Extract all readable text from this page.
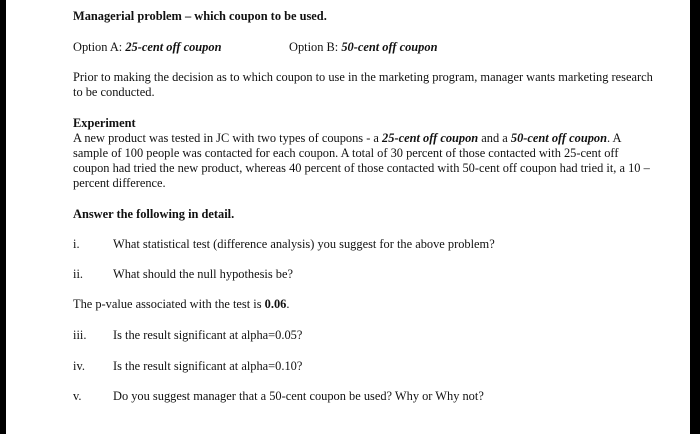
Managerial problem – which coupon to be used.
Option A: 25-cent off coupon	Option B: 50-cent off coupon
Prior to making the decision as to which coupon to use in the marketing program, manager wants marketing research to be conducted.
Experiment
A new product was tested in JC with two types of coupons - a 25-cent off coupon and a 50-cent off coupon. A sample of 100 people was contacted for each coupon. A total of 30 percent of those contacted with 25-cent off coupon had tried the new product, whereas 40 percent of those contacted with 50-cent off coupon had tried it, a 10 – percent difference.
Answer the following in detail.
i.	What statistical test (difference analysis) you suggest for the above problem?
ii. What should the null hypothesis be?
The p-value associated with the test is 0.06.
iii. Is the result significant at alpha=0.05?
iv. Is the result significant at alpha=0.10?
v.	Do you suggest manager that a 50-cent coupon be used? Why or Why not?
